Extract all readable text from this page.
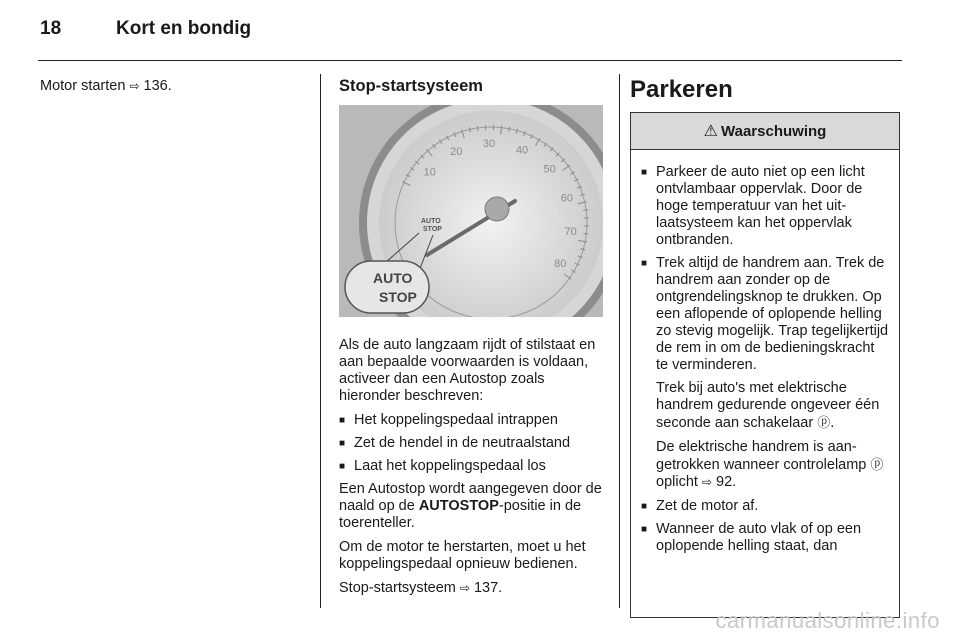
18	Kort en bondig
Motor starten ⇨ 136.	Stop-startsysteem
10
20
30
40
50
60
70
80
AUTO
STOP
AUTO
STOP
Als de auto langzaam rijdt of stilstaat en aan bepaalde voorwaarden is voldaan, activeer dan een Autostop zoals hieronder beschreven:
■ Het koppelingspedaal intrappen
■ Zet de hendel in de neutraalstand
■ Laat het koppelingspedaal los
Een Autostop wordt aangegeven door de naald op de AUTOSTOP-positie in de toerenteller.
Om de motor te herstarten, moet u het koppelingspedaal opnieuw bedienen.
Stop-startsysteem ⇨ 137.
Parkeren
⚠ Waarschuwing
■ Parkeer de auto niet op een licht ontvlambaar oppervlak. Door de hoge temperatuur van het uitlaatsysteem kan het oppervlak ontbranden.
■ Trek altijd de handrem aan. Trek de handrem aan zonder op de ontgrendelingsknop te drukken. Op een aflopende of oplopende helling zo stevig mogelijk. Trap tegelijkertijd de rem in om de bedieningskracht te verminderen.
Trek bij auto's met elektrische handrem gedurende ongeveer één seconde aan schakelaar ⓟ.
De elektrische handrem is aangetrokken wanneer controlelamp ⓟ oplicht ⇨ 92.
■ Zet de motor af.
■ Wanneer de auto vlak of op een oplopende helling staat, dan
carmanualsonline.info
